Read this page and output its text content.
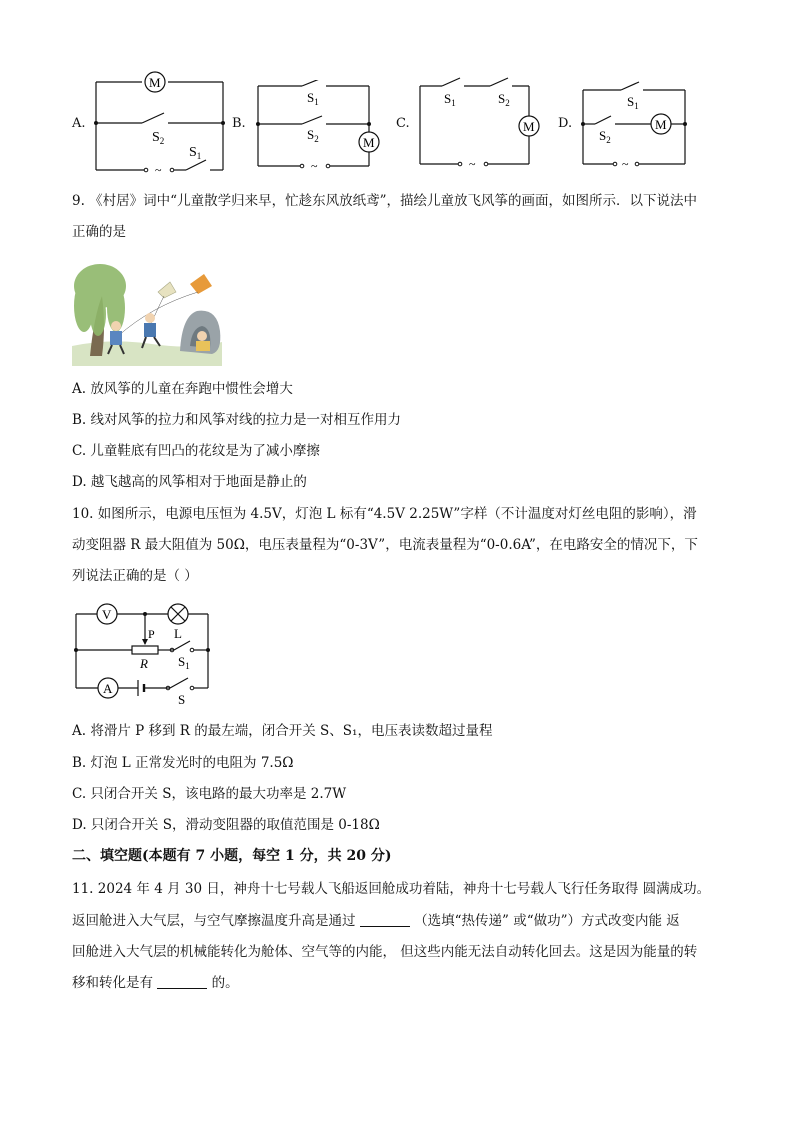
A.
M
$S_2$
$S_1$
~
B.
M
$S_1$
$S_2$
~
C.	M
$S_1$	$S_2$
~
D.	M
$S_1$
$S_2$
~
9. 《村居》词中“儿童散学归来早，忙趁东风放纸鸢”，描绘儿童放飞风筝的画面，如图所示．以下说法中
正确的是
A. 放风筝的儿童在奔跑中惯性会增大
B. 线对风筝的拉力和风筝对线的拉力是一对相互作用力
C. 儿童鞋底有凹凸的花纹是为了减小摩擦
D. 越飞越高的风筝相对于地面是静止的
10. 如图所示，电源电压恒为 4.5V，灯泡 L 标有“4.5V 2.25W”字样（不计温度对灯丝电阻的影响），滑
动变阻器 R 最大阻值为 50Ω，电压表量程为“0-3V”，电流表量程为“0-0.6A”，在电路安全的情况下，下
列说法正确的是（ ）
V
A
L
P
R $S_1$
S
A. 将滑片 P 移到 R 的最左端，闭合开关 S、S₁，电压表读数超过量程
B. 灯泡 L 正常发光时的电阻为 7.5Ω
C. 只闭合开关 S，该电路的最大功率是 2.7W
D. 只闭合开关 S，滑动变阻器的取值范围是 0-18Ω
二、填空题(本题有 7 小题，每空 1 分，共 20 分)
11. 2024 年 4 月 30 日，神舟十七号载人飞船返回舱成功着陆，神舟十七号载人飞行任务取得 圆满成功。
返回舱进入大气层，与空气摩擦温度升高是通过	（选填“热传递” 或“做功”）方式改变内能 返
回舱进入大气层的机械能转化为舱体、空气等的内能， 但这些内能无法自动转化回去。这是因为能量的转
移和转化是有	的。
